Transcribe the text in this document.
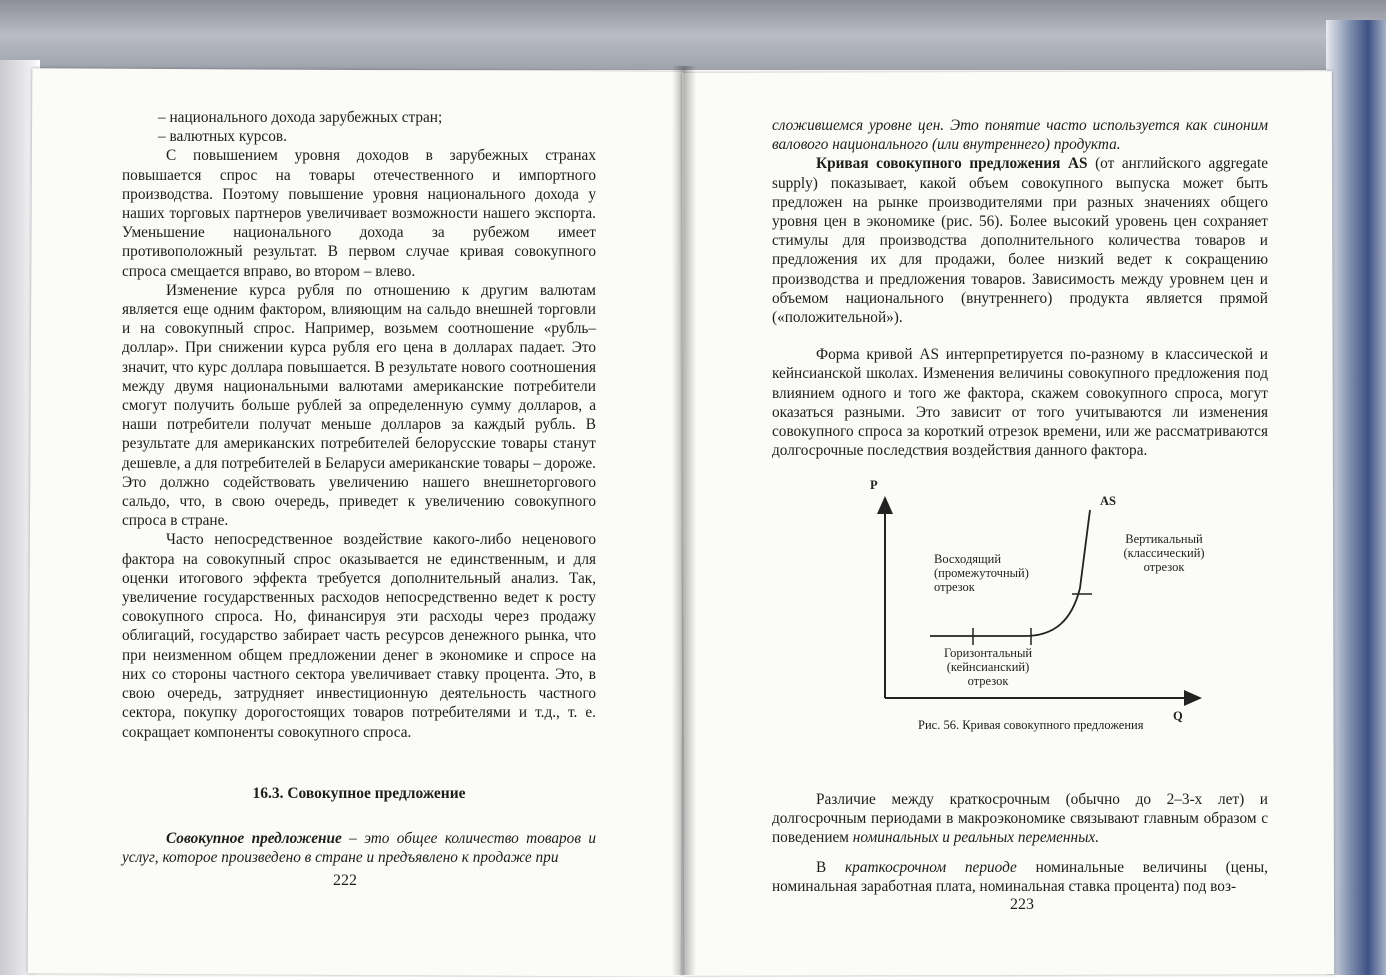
– национального дохода зарубежных стран;

– валютных курсов.

С повышением уровня доходов в зарубежных странах повышается спрос на товары отечественного и импортного производства. Поэтому повышение уровня национального дохода у наших торговых партнеров увеличивает возможности нашего экспорта. Уменьшение национального дохода за рубежом имеет противоположный результат. В первом случае кривая совокупного спроса смещается вправо, во втором – влево.

Изменение курса рубля по отношению к другим валютам является еще одним фактором, влияющим на сальдо внешней торговли и на совокупный спрос. Например, возьмем соотношение «рубль–доллар». При снижении курса рубля его цена в долларах падает. Это значит, что курс доллара повышается. В результате нового соотношения между двумя национальными валютами американские потребители смогут получить больше рублей за определенную сумму долларов, а наши потребители получат меньше долларов за каждый рубль. В результате для американских потребителей белорусские товары станут дешевле, а для потребителей в Беларуси американские товары – дороже. Это должно содействовать увеличению нашего внешнеторгового сальдо, что, в свою очередь, приведет к увеличению совокупного спроса в стране.

Часто непосредственное воздействие какого-либо неценового фактора на совокупный спрос оказывается не единственным, и для оценки итогового эффекта требуется дополнительный анализ. Так, увеличение государственных расходов непосредственно ведет к росту совокупного спроса. Но, финансируя эти расходы через продажу облигаций, государство забирает часть ресурсов денежного рынка, что при неизменном общем предложении денег в экономике и спросе на них со стороны частного сектора увеличивает ставку процента. Это, в свою очередь, затрудняет инвестиционную деятельность частного сектора, покупку дорогостоящих товаров потребителями и т.д., т. е. сокращает компоненты совокупного спроса.

16.3. Совокупное предложение

Совокупное предложение – это общее количество товаров и услуг, которое произведено в стране и предъявлено к продаже при

222

сложившемся уровне цен. Это понятие часто используется как синоним валового национального (или внутреннего) продукта.

Кривая совокупного предложения AS (от английского aggregate supply) показывает, какой объем совокупного выпуска может быть предложен на рынке производителями при разных значениях общего уровня цен в экономике (рис. 56). Более высокий уровень цен сохраняет стимулы для производства дополнительного количества товаров и предложения их для продажи, более низкий ведет к сокращению производства и предложения товаров. Зависимость между уровнем цен и объемом национального (внутреннего) продукта является прямой («положительной»).

Форма кривой AS интерпретируется по-разному в классической и кейнсианской школах. Изменения величины совокупного предложения под влиянием одного и того же фактора, скажем совокупного спроса, могут оказаться разными. Это зависит от того учитываются ли изменения совокупного спроса за короткий отрезок времени, или же рассматриваются долгосрочные последствия воздействия данного фактора.

P
Q
AS
Вертикальный (классический) отрезок
Восходящий (промежуточный) отрезок
Горизонтальный (кейнсианский) отрезок
Рис. 56. Кривая совокупного предложения

Различие между краткосрочным (обычно до 2–3-х лет) и долгосрочным периодами в макроэкономике связывают главным образом с поведением номинальных и реальных переменных.

В краткосрочном периоде номинальные величины (цены, номинальная заработная плата, номинальная ставка процента) под воз-

223
